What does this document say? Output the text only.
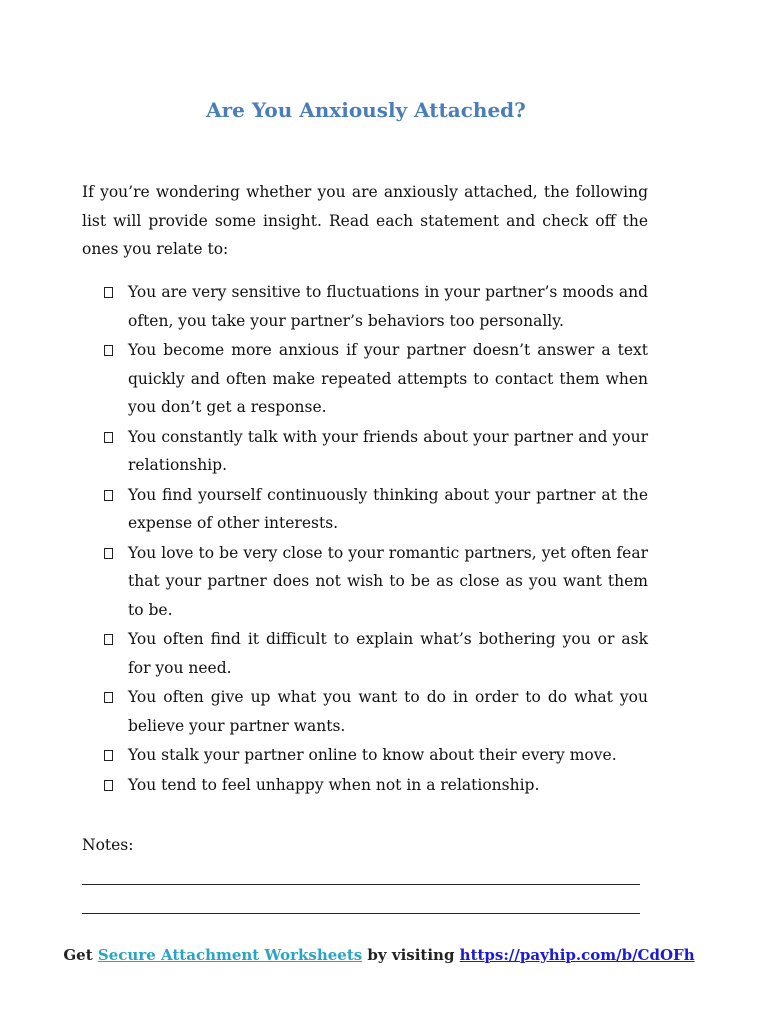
Are You Anxiously Attached?

If you’re wondering whether you are anxiously attached, the following list will provide some insight. Read each statement and check off the ones you relate to:

You are very sensitive to fluctuations in your partner’s moods and often, you take your partner’s behaviors too personally.
You become more anxious if your partner doesn’t answer a text quickly and often make repeated attempts to contact them when you don’t get a response.
You constantly talk with your friends about your partner and your relationship.
You find yourself continuously thinking about your partner at the expense of other interests.
You love to be very close to your romantic partners, yet often fear that your partner does not wish to be as close as you want them to be.
You often find it difficult to explain what’s bothering you or ask for you need.
You often give up what you want to do in order to do what you believe your partner wants.
You stalk your partner online to know about their every move.
You tend to feel unhappy when not in a relationship.

Notes:

Get Secure Attachment Worksheets by visiting https://payhip.com/b/CdOFh
